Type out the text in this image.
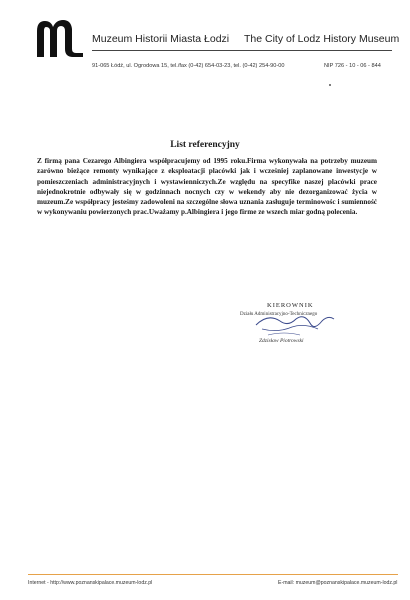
Muzeum Historii Miasta Łodzi The City of Lodz History Museum
91-065 Łódź, ul. Ogrodowa 15, tel./fax (0-42) 654-03-23, tel. (0-42) 254-90-00	NIP 726 - 10 - 06 - 844
List referencyjny
Z firmą pana Cezarego Albingiera współpracujemy od 1995 roku.Firma wykonywała na potrzeby muzeum zarówno bieżące remonty wynikające z eksploatacji placówki jak i wcześniej zaplanowane inwestycje w pomieszczeniach administracyjnych i wystawienniczych.Ze względu na specyfike naszej placówki prace niejednokrotnie odbywały się w godzinnach nocnych czy w wekendy aby nie dezorganizować życia w muzeum.Ze współpracy jesteśmy zadowoleni na szczególne słowa uznania zasługuje terminowośc i sumienność w wykonywaniu powierzonych prac.Uważamy p.Albingiera i jego firme ze wszech miar godną polecenia.
KIEROWNIK
Działu Administracyjno-Technicznego
Zdzisław Piotrowski
Internet - http://www.poznanskipalace.muzeum-lodz.pl	E-mail: muzeum@poznanskipalace.muzeum-lodz.pl
